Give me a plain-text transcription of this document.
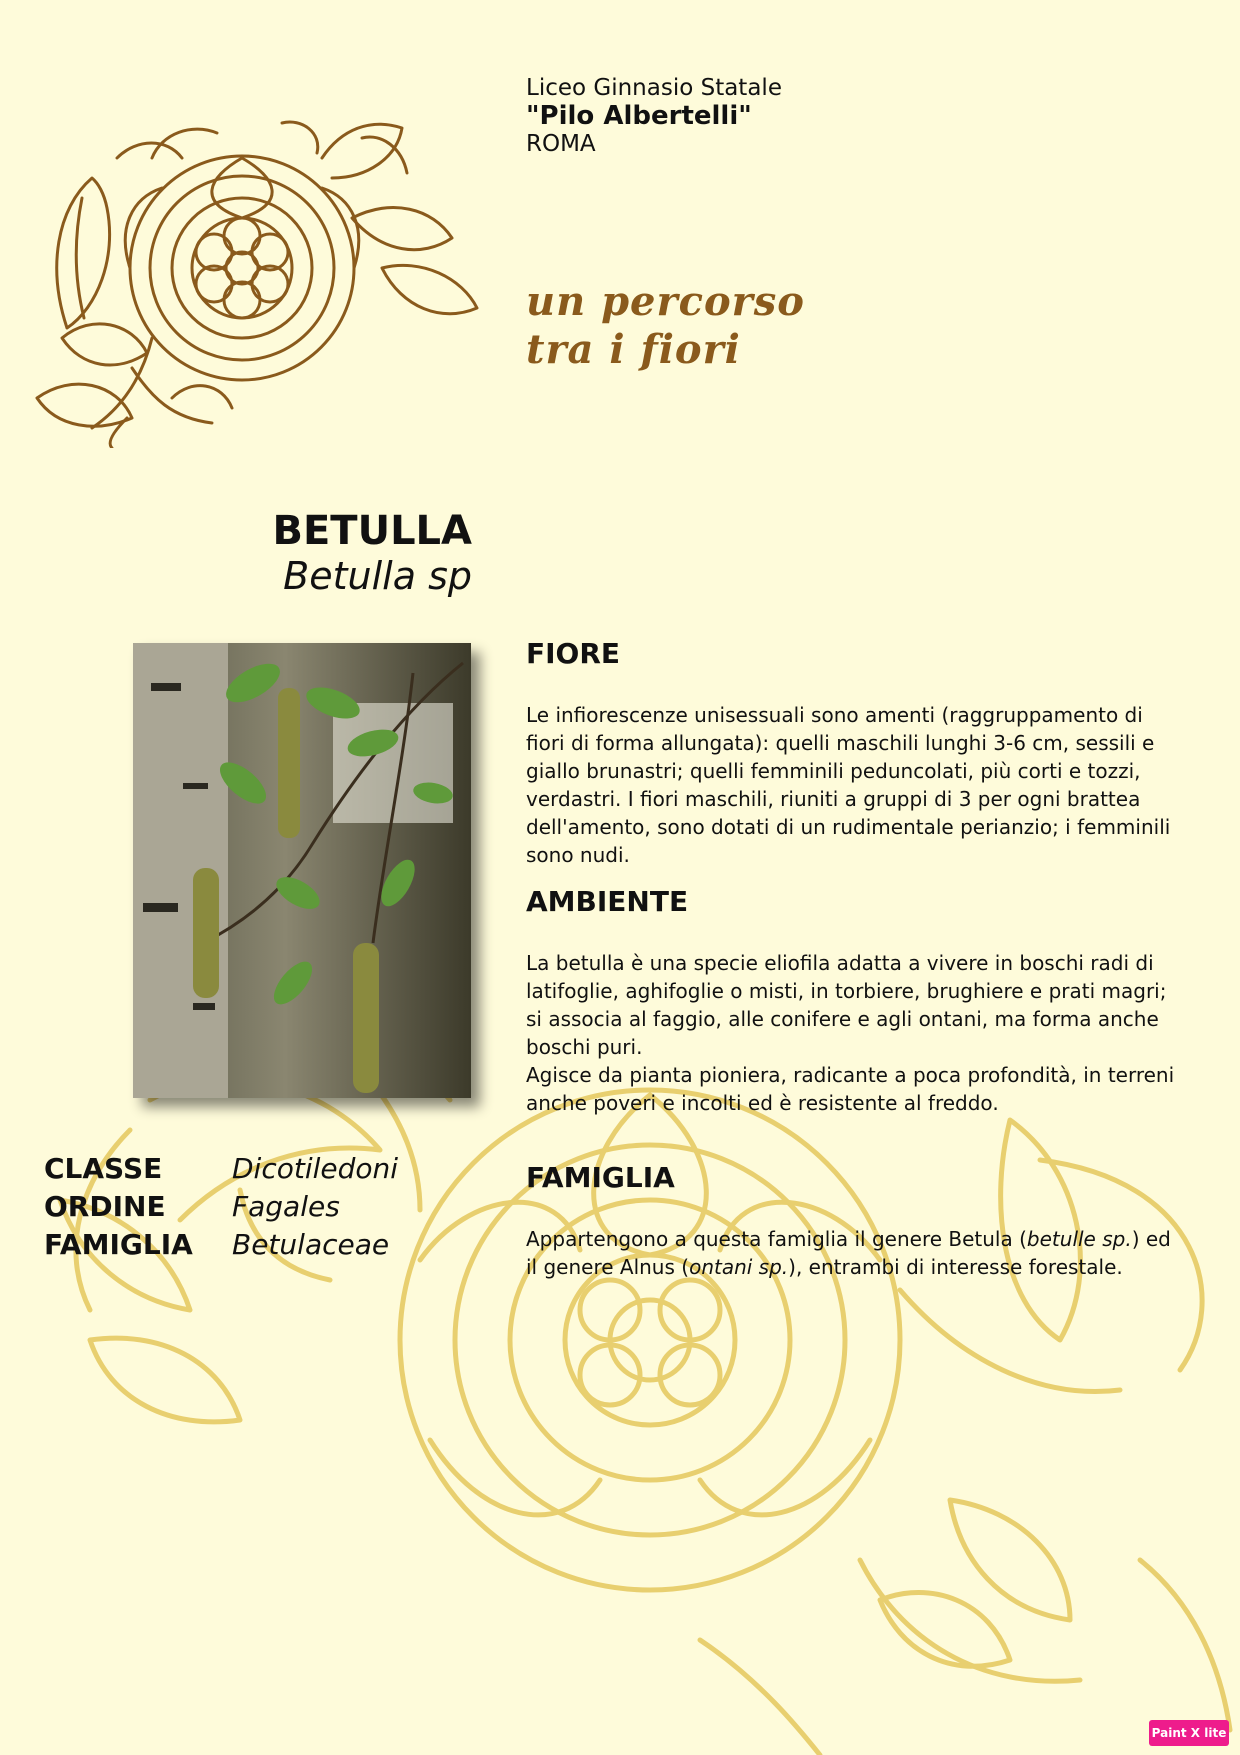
Liceo Ginnasio Statale
"Pilo Albertelli"
ROMA
un percorso
tra i fiori
BETULLA
Betulla sp
CLASSE	Dicotiledoni
ORDINE	Fagales
FAMIGLIA	Betulaceae
FIORE

Le infiorescenze unisessuali sono amenti (raggruppamento di fiori di forma allungata): quelli maschili lunghi 3-6 cm, sessili e giallo brunastri; quelli femminili peduncolati, più corti e tozzi, verdastri. I fiori maschili, riuniti a gruppi di 3 per ogni brattea dell'amento, sono dotati di un rudimentale perianzio; i femminili sono nudi.

AMBIENTE

La betulla è una specie eliofila adatta a vivere in boschi radi di latifoglie, aghifoglie o misti, in torbiere, brughiere e prati magri; si associa al faggio, alle conifere e agli ontani, ma forma anche boschi puri.

Agisce da pianta pioniera, radicante a poca profondità, in terreni anche poveri e incolti ed è resistente al freddo.

FAMIGLIA

Appartengono a questa famiglia il genere Betula (betulle sp.) ed il genere Alnus (ontani sp.), entrambi di interesse forestale.

Paint X lite
